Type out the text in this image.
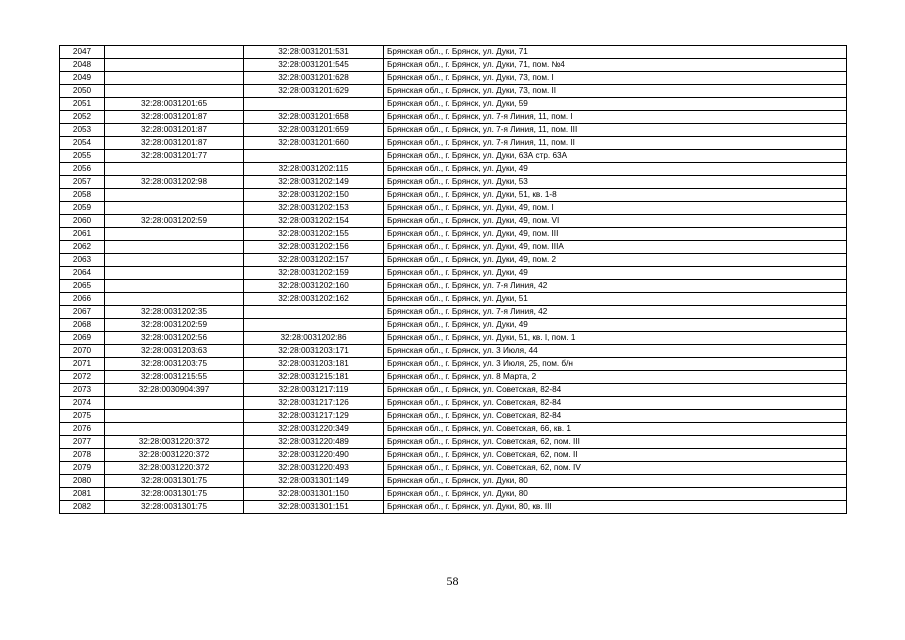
2047		32:28:0031201:531	Брянская обл., г. Брянск, ул. Дуки, 71
2048		32:28:0031201:545	Брянская обл., г. Брянск, ул. Дуки, 71, пом. №4
2049		32:28:0031201:628	Брянская обл., г. Брянск, ул. Дуки, 73, пом. I
2050		32:28:0031201:629	Брянская обл., г. Брянск, ул. Дуки, 73, пом. II
2051	32:28:0031201:65		Брянская обл., г. Брянск, ул. Дуки, 59
2052	32:28:0031201:87	32:28:0031201:658	Брянская обл., г. Брянск, ул. 7-я Линия, 11, пом. I
2053	32:28:0031201:87	32:28:0031201:659	Брянская обл., г. Брянск, ул. 7-я Линия, 11, пом. III
2054	32:28:0031201:87	32:28:0031201:660	Брянская обл., г. Брянск, ул. 7-я Линия, 11, пом. II
2055	32:28:0031201:77		Брянская обл., г. Брянск, ул. Дуки, 63А стр. 63А
2056		32:28:0031202:115	Брянская обл., г. Брянск, ул. Дуки, 49
2057	32:28:0031202:98	32:28:0031202:149	Брянская обл., г. Брянск, ул. Дуки, 53
2058		32:28:0031202:150	Брянская обл., г. Брянск, ул. Дуки, 51, кв. 1-8
2059		32:28:0031202:153	Брянская обл., г. Брянск, ул. Дуки, 49, пом. I
2060	32:28:0031202:59	32:28:0031202:154	Брянская обл., г. Брянск, ул. Дуки, 49, пом. VI
2061		32:28:0031202:155	Брянская обл., г. Брянск, ул. Дуки, 49, пом. III
2062		32:28:0031202:156	Брянская обл., г. Брянск, ул. Дуки, 49, пом. IIIА
2063		32:28:0031202:157	Брянская обл., г. Брянск, ул. Дуки, 49, пом. 2
2064		32:28:0031202:159	Брянская обл., г. Брянск, ул. Дуки, 49
2065		32:28:0031202:160	Брянская обл., г. Брянск, ул. 7-я Линия, 42
2066		32:28:0031202:162	Брянская обл., г. Брянск, ул. Дуки, 51
2067	32:28:0031202:35		Брянская обл., г. Брянск, ул. 7-я Линия, 42
2068	32:28:0031202:59		Брянская обл., г. Брянск, ул. Дуки, 49
2069	32:28:0031202:56	32:28:0031202:86	Брянская обл., г. Брянск, ул. Дуки, 51, кв. I, пом. 1
2070	32:28:0031203:63	32:28:0031203:171	Брянская обл., г. Брянск, ул. 3 Июля, 44
2071	32:28:0031203:75	32:28:0031203:181	Брянская обл., г. Брянск, ул. 3 Июля, 25, пом. б/н
2072	32:28:0031215:55	32:28:0031215:181	Брянская обл., г. Брянск, ул. 8 Марта, 2
2073	32:28:0030904:397	32:28:0031217:119	Брянская обл., г. Брянск, ул. Советская, 82-84
2074		32:28:0031217:126	Брянская обл., г. Брянск, ул. Советская, 82-84
2075		32:28:0031217:129	Брянская обл., г. Брянск, ул. Советская, 82-84
2076		32:28:0031220:349	Брянская обл., г. Брянск, ул. Советская, 66, кв. 1
2077	32:28:0031220:372	32:28:0031220:489	Брянская обл., г. Брянск, ул. Советская, 62, пом. III
2078	32:28:0031220:372	32:28:0031220:490	Брянская обл., г. Брянск, ул. Советская, 62, пом. II
2079	32:28:0031220:372	32:28:0031220:493	Брянская обл., г. Брянск, ул. Советская, 62, пом. IV
2080	32:28:0031301:75	32:28:0031301:149	Брянская обл., г. Брянск, ул. Дуки, 80
2081	32:28:0031301:75	32:28:0031301:150	Брянская обл., г. Брянск, ул. Дуки, 80
2082	32:28:0031301:75	32:28:0031301:151	Брянская обл., г. Брянск, ул. Дуки, 80, кв. III
58
